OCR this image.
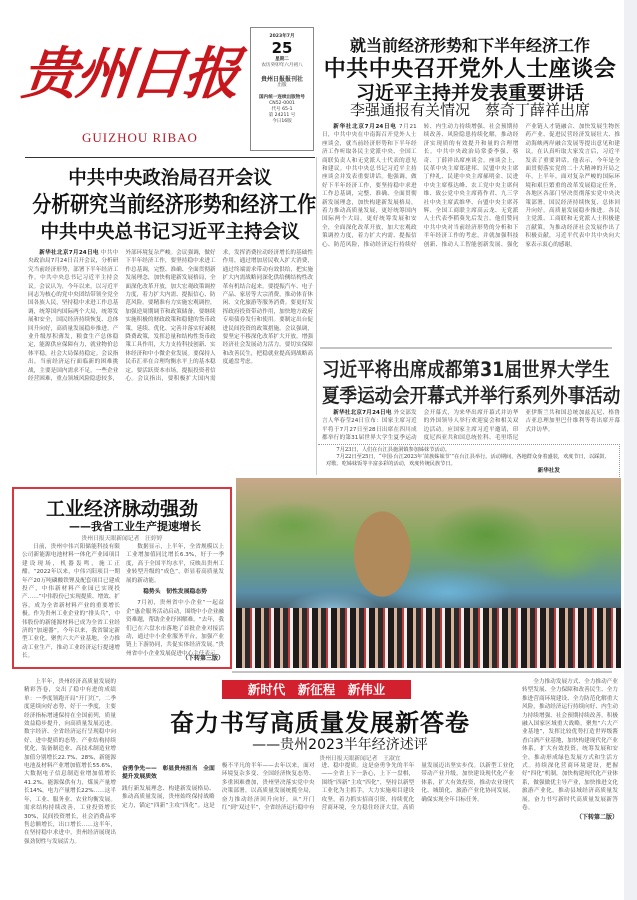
贵州日报
GUIZHOU RIBAO
2023年7月
25
星期二
农历癸卯年六月初八
贵州日报报刊社
出版
国内统一连续出版物号
CN52-0001
代号 65-1
第 24211 号
今日16版
就当前经济形势和下半年经济工作
中共中央召开党外人士座谈会
习近平主持并发表重要讲话
李强通报有关情况　蔡奇丁薛祥出席
新华社北京7月24日电 7月21日，中共中央在中南海召开党外人士座谈会，就当前经济形势和下半年经济工作听取各民主党派中央、全国工商联负责人和无党派人士代表的意见和建议。中共中央总书记习近平主持座谈会并发表重要讲话。他强调，做好下半年经济工作，要坚持稳中求进工作总基调，完整、准确、全面贯彻新发展理念，加快构建新发展格局，着力推动高质量发展，更好统筹国内国际两个大局，更好统筹发展和安全，全面深化改革开放，加大宏观政策调控力度，着力扩大内需、提振信心、防范风险，推动经济运行持续好转、内生动力持续增强、社会预期持续改善、风险隐患持续化解，推动经济实现质的有效提升和量的合理增长。中共中央政治局常委李强、蔡奇、丁薛祥出席座谈会。座谈会上，民革中央主席郑建邦、民盟中央主席丁仲礼、民建中央主席郝明金、民进中央主席蔡达峰、农工党中央主席何维、致公党中央主席蒋作君、九三学社中央主席武维华、台盟中央主席苏辉、全国工商联主席高云龙、无党派人士代表李稻葵先后发言。他们赞同中共中央对当前经济形势的分析和下半年经济工作的考虑，并就加强科技创新、推动人工智能创新发展、强化产业链人才链融合、加快发展生物医药产业、促进民营经济发展壮大、推动海峡两岸融合发展等提出意见和建议。在认真听取大家发言后，习近平发表了重要讲话。他表示，今年是全面贯彻落实党的二十大精神的开局之年。上半年，面对复杂严峻的国际环境和艰巨繁重的改革发展稳定任务，各地区各部门坚决贯彻落实党中央决策部署，国民经济持续恢复、总体回升向好，高质量发展稳步推进。各民主党派、工商联和无党派人士积极建言献策，为推动经济社会发展作出了积极贡献，习近平代表中共中央向大家表示衷心的感谢。
中共中央政治局召开会议
分析研究当前经济形势和经济工作
中共中央总书记习近平主持会议
新华社北京7月24日电 中共中央政治局7月24日召开会议，分析研究当前经济形势，部署下半年经济工作。中共中央总书记习近平主持会议。会议认为，今年以来，以习近平同志为核心的党中央团结带领全党全国各族人民，坚持稳中求进工作总基调，统筹国内国际两个大局，统筹发展和安全，国民经济持续恢复、总体回升向好，高质量发展稳步推进。产业升级厚积薄发，粮食生产总体稳定，能源供应保障有力，就业物价总体平稳，社会大局保持稳定。会议指出，当前经济运行面临新的困难挑战，主要是国内需求不足，一些企业经营困难，重点领域风险隐患较多，外部环境复杂严峻。会议强调，做好下半年经济工作，要坚持稳中求进工作总基调，完整、准确、全面贯彻新发展理念，加快构建新发展格局，全面深化改革开放，加大宏观政策调控力度，着力扩大内需、提振信心、防范风险。要精准有力实施宏观调控，加强逆周期调节和政策储备。要继续实施积极的财政政策和稳健的货币政策，延续、优化、完善并落实好减税降费政策，发挥总量和结构性货币政策工具作用，大力支持科技创新、实体经济和中小微企业发展。要保持人民币汇率在合理均衡水平上的基本稳定。要活跃资本市场，提振投资者信心。会议指出，要积极扩大国内需求，发挥消费拉动经济增长的基础性作用，通过增加居民收入扩大消费，通过终端需求带动有效供给，把实施扩大内需战略同深化供给侧结构性改革有机结合起来。要提振汽车、电子产品、家居等大宗消费，推动体育休闲、文化旅游等服务消费。要更好发挥政府投资带动作用，加快地方政府专项债券发行和使用。要制定出台促进民间投资的政策措施。会议强调，要坚定不移深化改革扩大开放，增强经济社会发展动力活力。要切实保障和改善民生，把稳就业提高到战略高度通盘考虑。	习近平将出席成都第31届世界大学生
夏季运动会开幕式并举行系列外事活动
新华社北京7月24日电 外交部发言人华春莹24日宣布：国家主席习近平将于7月27日至28日出席在四川成都举行的第31届世界大学生夏季运动会开幕式，为来华出席开幕式并访华的外国领导人举行欢迎宴会和相关双边活动。应国家主席习近平邀请，印度尼西亚共和国总统佐科、毛里塔尼亚伊斯兰共和国总统加兹瓦尼、格鲁吉亚总理加里巴什维利等将出席开幕式并访华。
7月23日，人们在台江县施洞镇参加姊妹节活动。
7月22日至25日，“中国·台江2023年‘苗族姊妹节’”在台江县举行。活动期间，各地群众身着盛装，欢度节日，以踩鼓、对歌、吃姊妹饭等丰富多彩的活动，欢度传统民族节日。
新华社发
工业经济脉动强劲
——我省工业生产提速增长
贵州日报天眼新闻记者　汪婷婷
日前，贵州中伟兴阳储能科技有限公司新能源电池材料一体化产业园项目建设现场，机器轰鸣，施工正酣。“2022年以来，中伟兴阳项目一期年产20万吨磷酸铁锂及配套项目已建成投产，中伟新材料产业园已实现投产……”中伟股份已实现提质、增效、扩容，成为全省新材料产业的重要增长极。作为贵州工业企业的“排头兵”，中伟股份的新能源材料已成为全省工业经济的“加速器”。今年以来，我省锚定新型工业化，聚焦六大产业基地，全力推动工业生产，推动工业经济运行提速增长。
数据显示，上半年，全省规模以上工业增加值同比增长6.3%，好于一季度，高于全国平均水平，反映出贵州工业转型升级的“成色”，彰显着高质量发展的新动能。
稳势头　韧性发展稳态势
7月初，贵州省中小企业“一起益企”惠企服务活动启动，围绕中小企业融资难题，帮助企业纾困解难。“去年，我们已在六盘水市落地了首批企业对接活动，通过中小企业服务平台，加强产业链上下游协同，共促实体经济发展。”贵州省中小企业发展促进中心主任表示。
（下转第三版）
新时代　新征程　新伟业
奋力书写高质量发展新答卷
——贵州2023半年经济述评
贵州日报天眼新闻记者　王淑宜
上半年，贵州经济高质量发展的精彩答卷，交出了稳中有进的成绩单：一季度领跑开局“开门红”，二季度延续向好态势，好于一季度，主要经济指标增速保持在全国前列，质量效益稳步提升，向高质量发展迈进。数字经济、全省经济运行呈现稳中向好、进中提质的态势。产业结构持续优化，装备制造业、高技术制造业增加值分别增长22.7%、28%，新能源电池及材料产业增加值增长55.6%，大数据电子信息制造业增加值增长41.2%。能源保供有力，煤炭产量增长14%，电力产量增长22%……这半年，工业、服务业、农业均衡发展。需求结构持续改善，工业投资增长30%，民间投资增长，社会消费品零售总额增长，出口增长……这半年，在坚持稳中求进中，贵州经济展现出强劲韧性与发展活力。
奋勇争先——　彰显贵州担当　全面提升发展质效
践行新发展理念、构建新发展格局、推动高质量发展，贵州始终保持战略定力，锚定“四新”主攻“四化”。这是极不平凡的半年——去年以来，面对环境复杂多变、全国经济恢复态势、多重困难叠加，贵州坚决落实党中央决策部署，以高质量发展统揽全局，奋力推动经济回升向好。从“开门红”到“双过半”，全省经济运行稳中有进、稳中提质。这是奋勇争先的半年——全省上下一条心，上下一盘棋，围绕“四新”主攻“四化”，坚持以新型工业化为主抓手，大力实施项目建设攻坚，着力抓实招商引资，持续优化营商环境，全力稳住经济大盘，高质量发展迈出坚实步伐。以新型工业化带动产业升级，加快建设现代化产业体系，扩大有效投资，推动农业现代化、城镇化、旅游产业化协同发展，确保实现全年目标任务。
全力推动发展方式、全力推动产业转型发展、全力保障和改善民生、全力推进营商环境建设、全力防范化解重大风险，推动经济运行持续向好、内生动力持续增强、社会预期持续改善。积极融入国家区域重大战略，聚焦“六大产业基地”，发挥比较优势打造世界级酱香白酒产业基地，加快构建现代化产业体系，扩大有效投资，统筹发展和安全，推动形成绿色发展方式和生活方式。持续深化营商环境建设，把握好“四化”机制，加快构建现代化产业体系，做强做优主导产业，加快推进文化旅游产业化，推动县域经济高质量发展，奋力书写新时代高质量发展新答卷。
（下转第二版）
